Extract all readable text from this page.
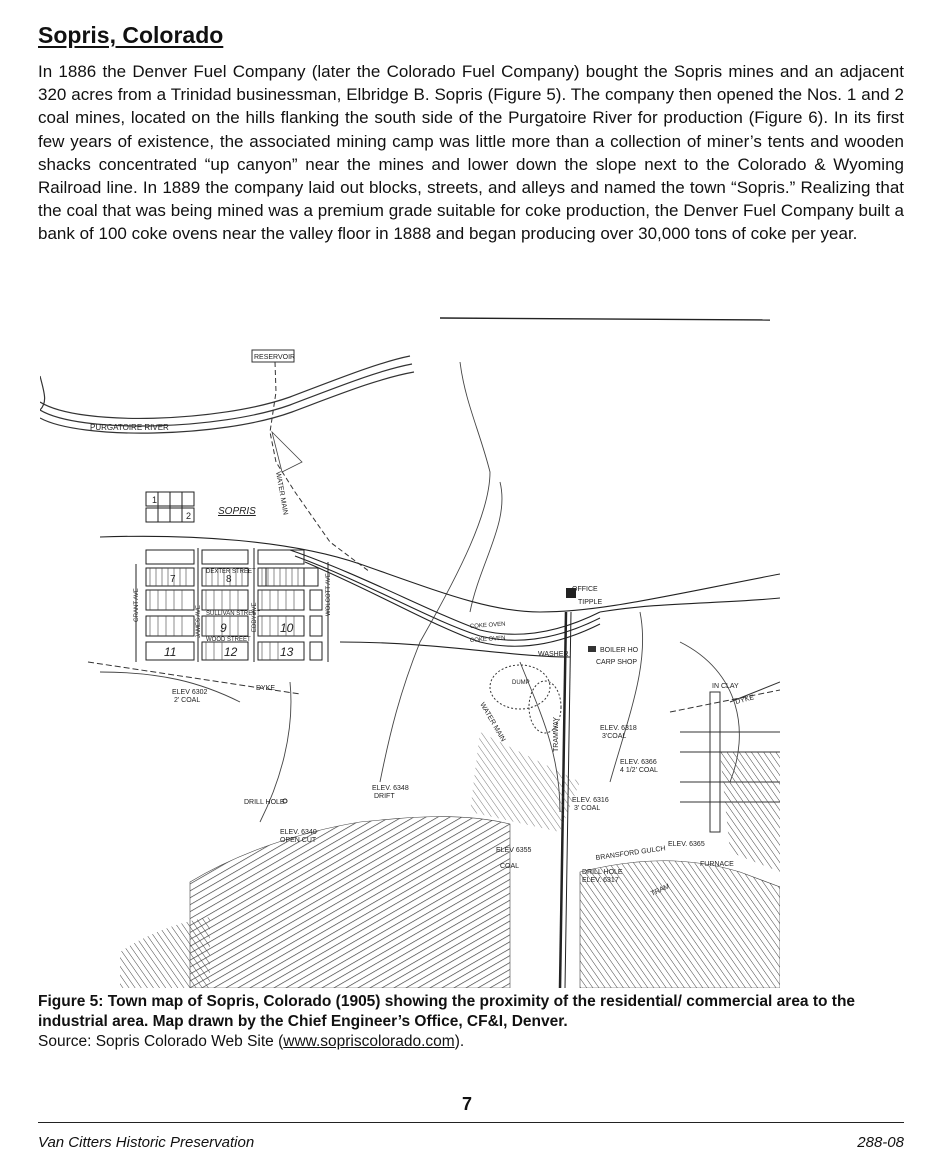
Sopris, Colorado

In 1886 the Denver Fuel Company (later the Colorado Fuel Company) bought the Sopris mines and an adjacent 320 acres from a Trinidad businessman, Elbridge B. Sopris (Figure 5). The company then opened the Nos. 1 and 2 coal mines, located on the hills flanking the south side of the Purgatoire River for production (Figure 6). In its first few years of existence, the associated mining camp was little more than a collection of miner’s tents and wooden shacks concentrated “up canyon” near the mines and lower down the slope next to the Colorado & Wyoming Railroad line. In 1889 the company laid out blocks, streets, and alleys and named the town “Sopris.” Realizing that the coal that was being mined was a premium grade suitable for coke production, the Denver Fuel Company built a bank of 100 coke ovens near the valley floor in 1888 and began producing over 30,000 tons of coke per year.

1
2
7	8
9	10
11	12	13
RESERVOIR
PURGATOIRE RIVER
WATER MAIN
SOPRIS
DEXTER STREET
SULLIVAN STREET
WOOD STREET
GRANT AVE	JAMES AVE	EDDY AVE
WOLCOTT AVE	OFFICE
TIPPLE
COKE OVEN
COKE OVEN
WASHER
BOILER HO
CARP SHOP
DUMP	IN CLAY
DYKE
DYKE
ELEV 6302
2' COAL
WATER MAIN	ELEV. 6318
3'COAL
ELEV. 6366
4 1/2' COAL
ELEV. 6316
3' COAL
ELEV. 6348
DRIFT
DRILL HOLE
ELEV. 6340
OPEN CUT
ELEV 6355
COAL
TRAMWAY
BRANSFORD GULCH
DRILL HOLE
ELEV. 6317
TRAM
ELEV. 6365
FURNACE

Figure 5: Town map of Sopris, Colorado (1905) showing the proximity of the residential/ commercial area to the industrial area. Map drawn by the Chief Engineer’s Office, CF&I, Denver.
Source: Sopris Colorado Web Site (www.sopriscolorado.com).

7
Van Citters Historic Preservation	288-08
